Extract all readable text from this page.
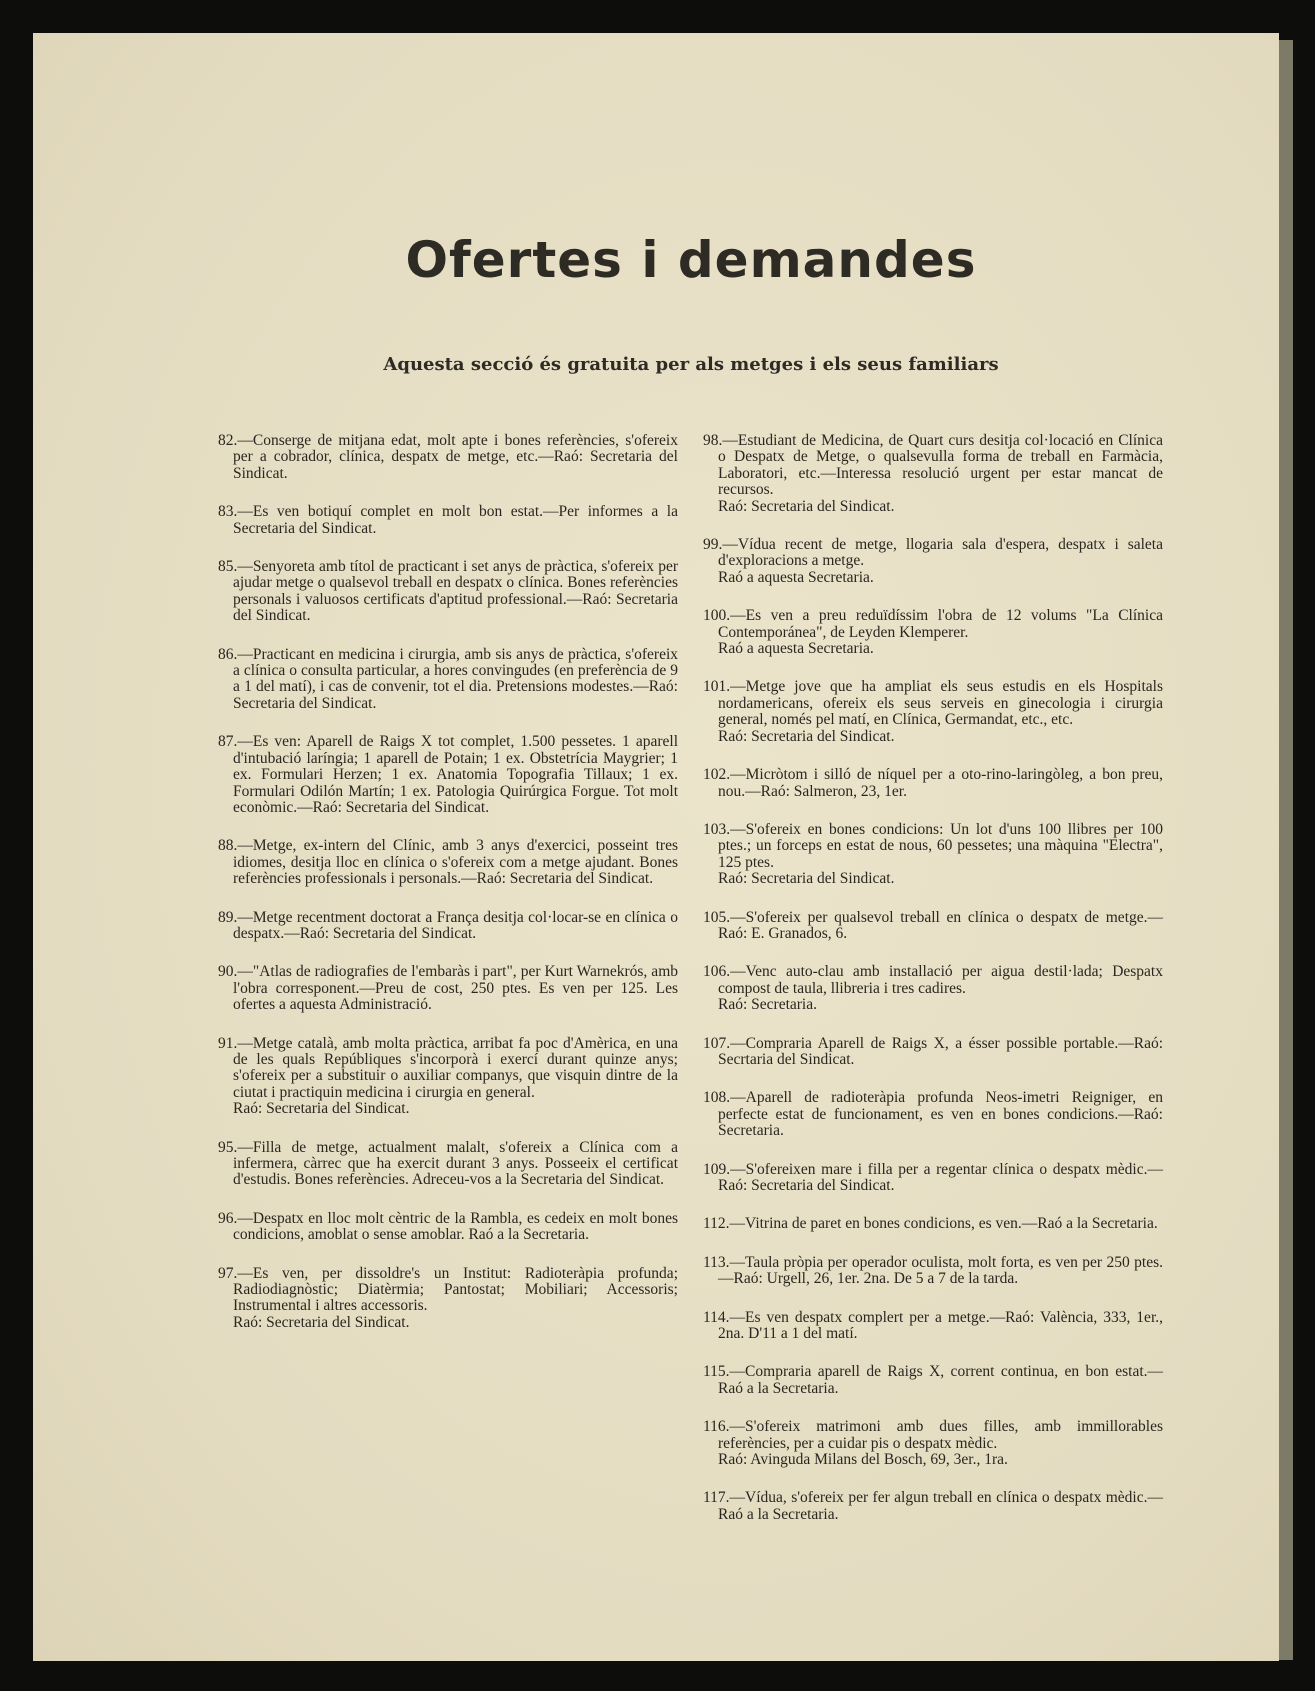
Ofertes i demandes
Aquesta secció és gratuita per als metges i els seus familiars

82.—Conserge de mitjana edat, molt apte i bones referències, s'ofereix per a cobrador, clínica, despatx de metge, etc.—Raó: Secretaria del Sindicat.

83.—Es ven botiquí complet en molt bon estat.—Per informes a la Secretaria del Sindicat.

85.—Senyoreta amb títol de practicant i set anys de pràctica, s'ofereix per ajudar metge o qualsevol treball en despatx o clínica. Bones referències personals i valuosos certificats d'aptitud professional.—Raó: Secretaria del Sindicat.

86.—Practicant en medicina i cirurgia, amb sis anys de pràctica, s'ofereix a clínica o consulta particular, a hores convingudes (en preferència de 9 a 1 del matí), i cas de convenir, tot el dia. Pretensions modestes.—Raó: Secretaria del Sindicat.

87.—Es ven: Aparell de Raigs X tot complet, 1.500 pessetes. 1 aparell d'intubació laríngia; 1 aparell de Potain; 1 ex. Obstetrícia Maygrier; 1 ex. Formulari Herzen; 1 ex. Anatomia Topografia Tillaux; 1 ex. Formulari Odilón Martín; 1 ex. Patologia Quirúrgica Forgue. Tot molt econòmic.—Raó: Secretaria del Sindicat.

88.—Metge, ex-intern del Clínic, amb 3 anys d'exercici, posseint tres idiomes, desitja lloc en clínica o s'ofereix com a metge ajudant. Bones referències professionals i personals.—Raó: Secretaria del Sindicat.

89.—Metge recentment doctorat a França desitja col·locar-se en clínica o despatx.—Raó: Secretaria del Sindicat.

90.—"Atlas de radiografies de l'embaràs i part", per Kurt Warnekrós, amb l'obra corresponent.—Preu de cost, 250 ptes. Es ven per 125. Les ofertes a aquesta Administració.

91.—Metge català, amb molta pràctica, arribat fa poc d'Amèrica, en una de les quals Repúbliques s'incorporà i exercí durant quinze anys; s'ofereix per a substituir o auxiliar companys, que visquin dintre de la ciutat i practiquin medicina i cirurgia en general.
Raó: Secretaria del Sindicat.

95.—Filla de metge, actualment malalt, s'ofereix a Clínica com a infermera, càrrec que ha exercit durant 3 anys. Posseeix el certificat d'estudis. Bones referències. Adreceu-vos a la Secretaria del Sindicat.

96.—Despatx en lloc molt cèntric de la Rambla, es cedeix en molt bones condicions, amoblat o sense amoblar. Raó a la Secretaria.

97.—Es ven, per dissoldre's un Institut: Radioteràpia profunda; Radiodiagnòstic; Diatèrmia; Pantostat; Mobiliari; Accessoris; Instrumental i altres accessoris.
Raó: Secretaria del Sindicat.

98.—Estudiant de Medicina, de Quart curs desitja col·locació en Clínica o Despatx de Metge, o qualsevulla forma de treball en Farmàcia, Laboratori, etc.—Interessa resolució urgent per estar mancat de recursos.
Raó: Secretaria del Sindicat.

99.—Vídua recent de metge, llogaria sala d'espera, despatx i saleta d'exploracions a metge.
Raó a aquesta Secretaria.

100.—Es ven a preu reduïdíssim l'obra de 12 volums "La Clínica Contemporánea", de Leyden Klemperer.
Raó a aquesta Secretaria.

101.—Metge jove que ha ampliat els seus estudis en els Hospitals nordamericans, ofereix els seus serveis en ginecologia i cirurgia general, només pel matí, en Clínica, Germandat, etc., etc.
Raó: Secretaria del Sindicat.

102.—Micròtom i silló de níquel per a oto-rino-laringòleg, a bon preu, nou.—Raó: Salmeron, 23, 1er.

103.—S'ofereix en bones condicions: Un lot d'uns 100 llibres per 100 ptes.; un forceps en estat de nous, 60 pessetes; una màquina "Electra", 125 ptes.
Raó: Secretaria del Sindicat.

105.—S'ofereix per qualsevol treball en clínica o despatx de metge.—Raó: E. Granados, 6.

106.—Venc auto-clau amb installació per aigua destil·lada; Despatx compost de taula, llibreria i tres cadires.
Raó: Secretaria.

107.—Compraria Aparell de Raigs X, a ésser possible portable.—Raó: Secrtaria del Sindicat.

108.—Aparell de radioteràpia profunda Neos-imetri Reigniger, en perfecte estat de funcionament, es ven en bones condicions.—Raó: Secretaria.

109.—S'ofereixen mare i filla per a regentar clínica o despatx mèdic.—Raó: Secretaria del Sindicat.

112.—Vitrina de paret en bones condicions, es ven.—Raó a la Secretaria.

113.—Taula pròpia per operador oculista, molt forta, es ven per 250 ptes.—Raó: Urgell, 26, 1er. 2na. De 5 a 7 de la tarda.

114.—Es ven despatx complert per a metge.—Raó: València, 333, 1er., 2na. D'11 a 1 del matí.

115.—Compraria aparell de Raigs X, corrent continua, en bon estat.—Raó a la Secretaria.

116.—S'ofereix matrimoni amb dues filles, amb immillorables referències, per a cuidar pis o despatx mèdic.
Raó: Avinguda Milans del Bosch, 69, 3er., 1ra.

117.—Vídua, s'ofereix per fer algun treball en clínica o despatx mèdic.—Raó a la Secretaria.
